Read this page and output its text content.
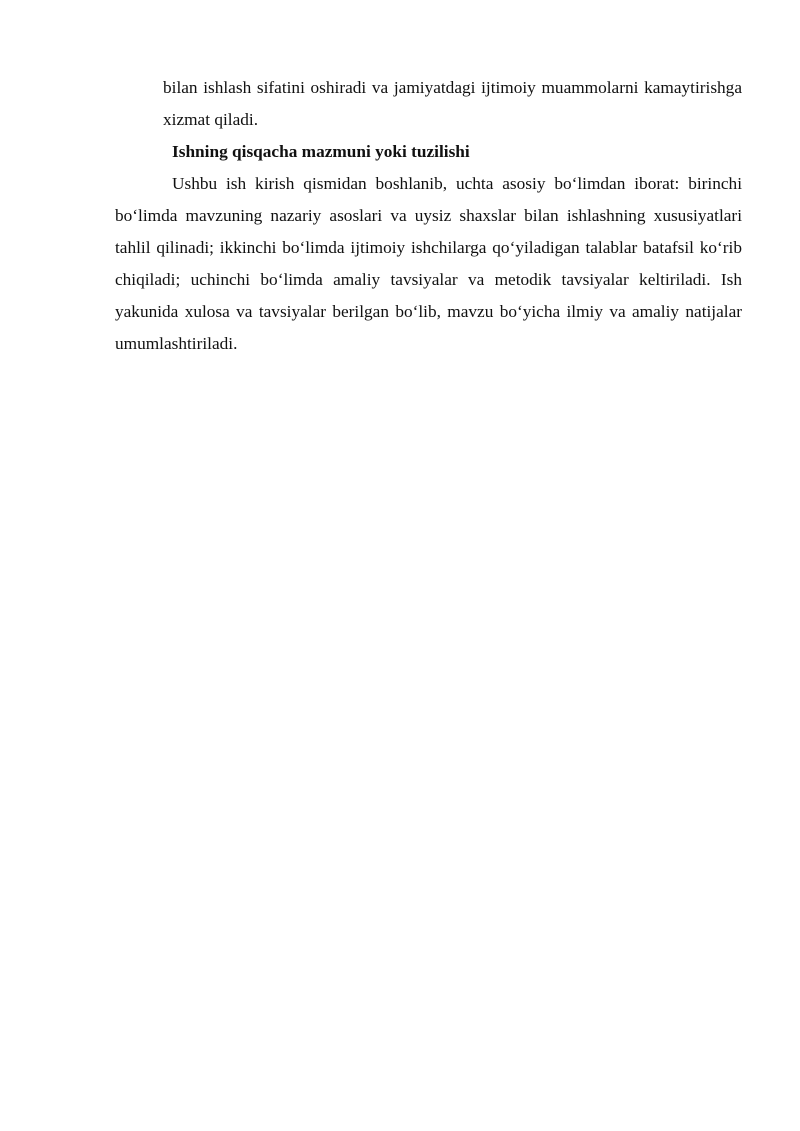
bilan ishlash sifatini oshiradi va jamiyatdagi ijtimoiy muammolarni kamaytirishga xizmat qiladi.

Ishning qisqacha mazmuni yoki tuzilishi

Ushbu ish kirish qismidan boshlanib, uchta asosiy bo‘limdan iborat: birinchi bo‘limda mavzuning nazariy asoslari va uysiz shaxslar bilan ishlashning xususiyatlari tahlil qilinadi; ikkinchi bo‘limda ijtimoiy ishchilarga qo‘yiladigan talablar batafsil ko‘rib chiqiladi; uchinchi bo‘limda amaliy tavsiyalar va metodik tavsiyalar keltiriladi. Ish yakunida xulosa va tavsiyalar berilgan bo‘lib, mavzu bo‘yicha ilmiy va amaliy natijalar umumlashtiriladi.
